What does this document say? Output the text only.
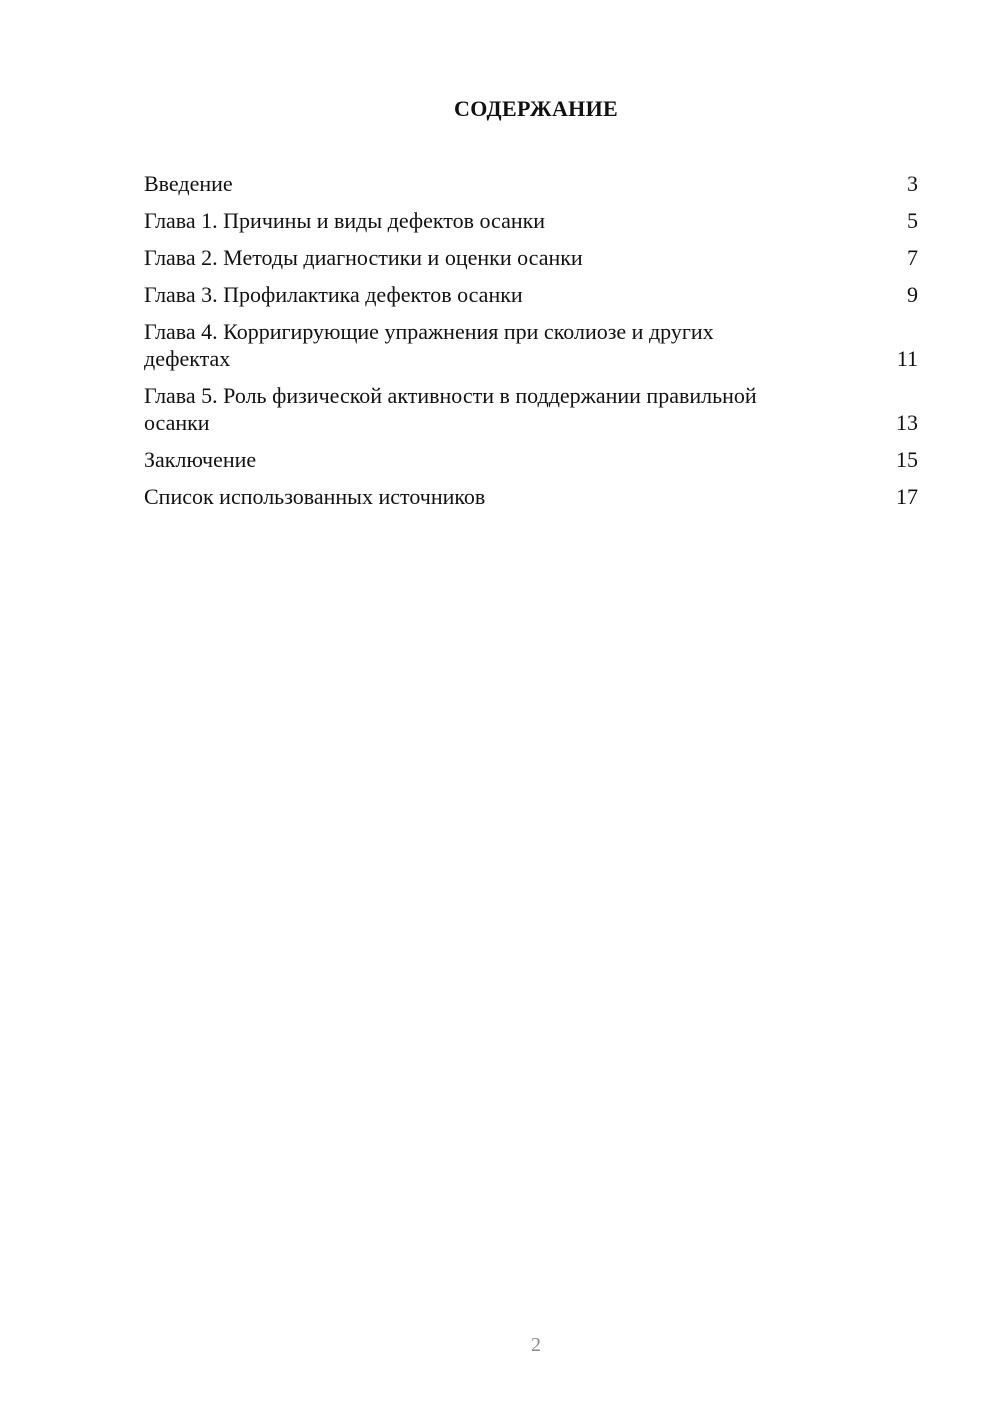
СОДЕРЖАНИЕ
Введение	3
Глава 1. Причины и виды дефектов осанки	5
Глава 2. Методы диагностики и оценки осанки	7
Глава 3. Профилактика дефектов осанки	9
Глава 4. Корригирующие упражнения при сколиозе и других дефектах	11
Глава 5. Роль физической активности в поддержании правильной осанки	13
Заключение	15
Список использованных источников	17
2
